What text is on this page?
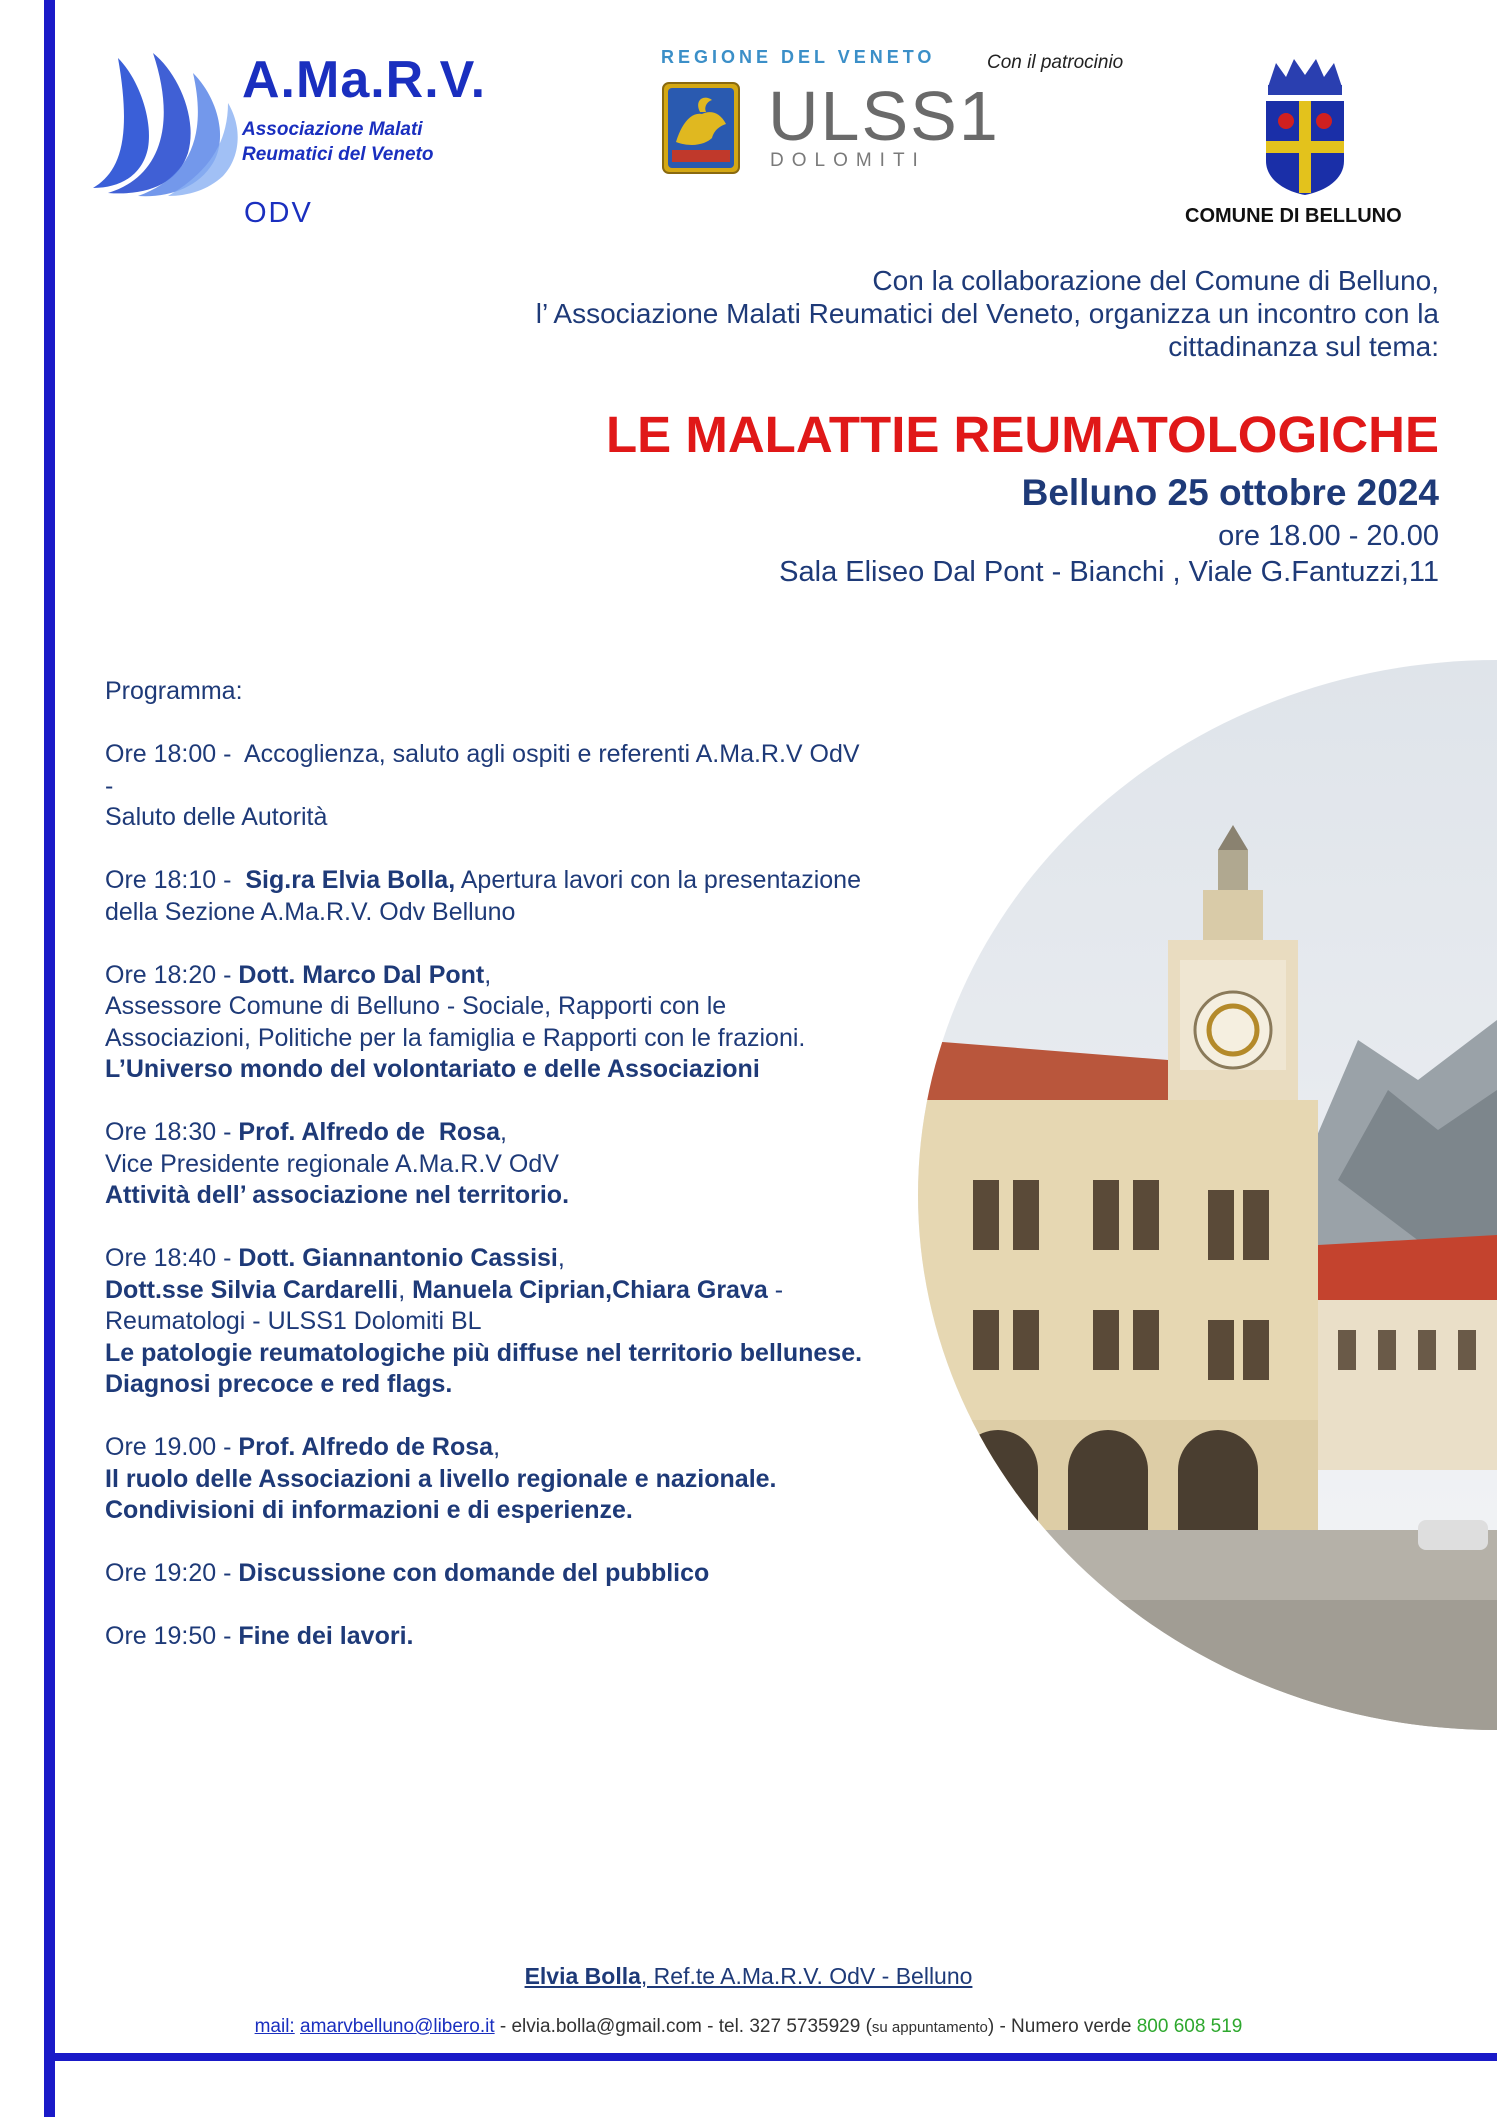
A.Ma.R.V.
Associazione Malati
Reumatici del Veneto
ODV
REGIONE DEL VENETO
ULSS1
DOLOMITI
Con il patrocinio
COMUNE DI BELLUNO
Con la collaborazione del Comune di Belluno,
l’ Associazione Malati Reumatici del Veneto, organizza un incontro con la
cittadinanza sul tema:
LE MALATTIE REUMATOLOGICHE
Belluno 25 ottobre 2024
ore 18.00 - 20.00
Sala Eliseo Dal Pont - Bianchi , Viale G.Fantuzzi,11

Programma:

Ore 18:00 -  Accoglienza, saluto agli ospiti e referenti A.Ma.R.V OdV
-
Saluto delle Autorità

Ore 18:10 -  Sig.ra Elvia Bolla, Apertura lavori con la presentazione
della Sezione A.Ma.R.V. Odv Belluno

Ore 18:20 - Dott. Marco Dal Pont,
Assessore Comune di Belluno - Sociale, Rapporti con le
Associazioni, Politiche per la famiglia e Rapporti con le frazioni.
L’Universo mondo del volontariato e delle Associazioni

Ore 18:30 - Prof. Alfredo de  Rosa,
Vice Presidente regionale A.Ma.R.V OdV
Attività dell’ associazione nel territorio.

Ore 18:40 - Dott. Giannantonio Cassisi,
Dott.sse Silvia Cardarelli, Manuela Ciprian,Chiara Grava -
Reumatologi - ULSS1 Dolomiti BL
Le patologie reumatologiche più diffuse nel territorio bellunese.
Diagnosi precoce e red flags.

Ore 19.00 - Prof. Alfredo de Rosa,
Il ruolo delle Associazioni a livello regionale e nazionale.
Condivisioni di informazioni e di esperienze.

Ore 19:20 - Discussione con domande del pubblico

Ore 19:50 - Fine dei lavori.

Elvia Bolla, Ref.te A.Ma.R.V. OdV - Belluno
mail: amarvbelluno@libero.it - elvia.bolla@gmail.com - tel. 327 5735929 (su appuntamento) - Numero verde 800 608 519
